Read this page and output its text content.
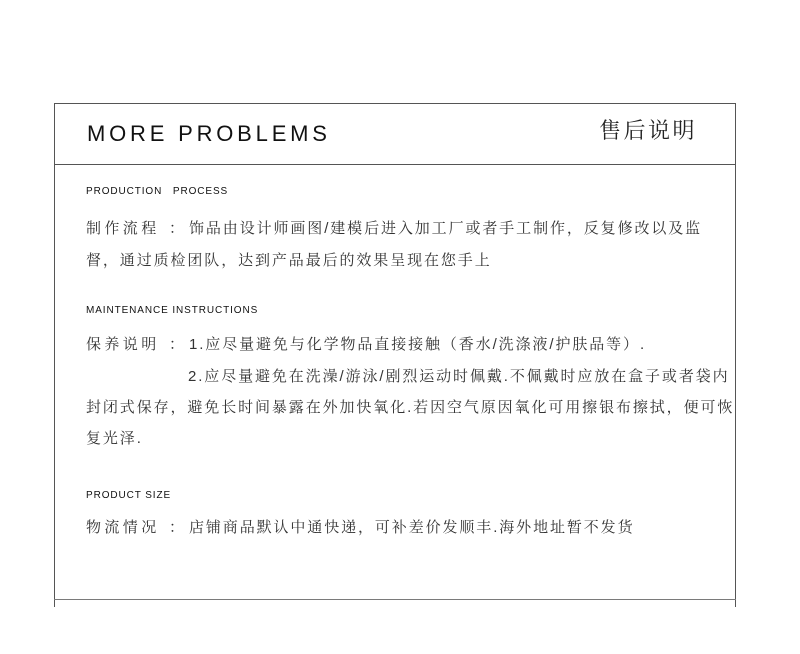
MORE PROBLEMS	售后说明
PRODUCTION PROCESS
制作流程 ： 饰品由设计师画图/建模后进入加工厂或者手工制作，反复修改以及监
督，通过质检团队，达到产品最后的效果呈现在您手上
MAINTENANCE INSTRUCTIONS
保养说明 ： 1.应尽量避免与化学物品直接接触（香水/洗涤液/护肤品等）.
2.应尽量避免在洗澡/游泳/剧烈运动时佩戴.不佩戴时应放在盒子或者袋内
封闭式保存，避免长时间暴露在外加快氧化.若因空气原因氧化可用擦银布擦拭，便可恢
复光泽.
PRODUCT SIZE
物流情况 ： 店铺商品默认中通快递，可补差价发顺丰.海外地址暂不发货
